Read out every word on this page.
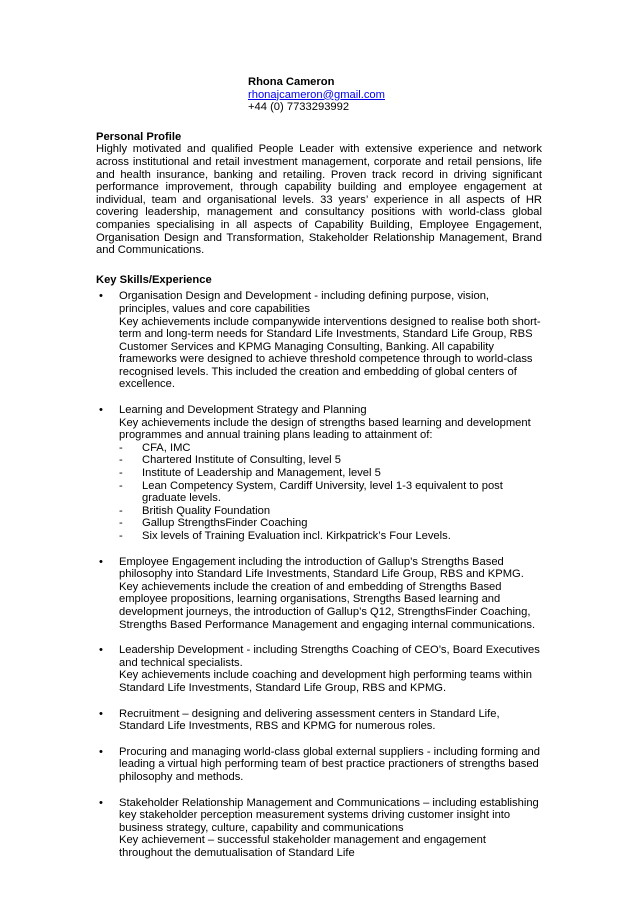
Rhona Cameron
rhonajcameron@gmail.com
+44 (0) 7733293992
Personal Profile
Highly motivated and qualified People Leader with extensive experience and network across institutional and retail investment management, corporate and retail pensions, life and health insurance, banking and retailing. Proven track record in driving significant performance improvement, through capability building and employee engagement at individual, team and organisational levels. 33 years’ experience in all aspects of HR covering leadership, management and consultancy positions with world-class global companies specialising in all aspects of Capability Building, Employee Engagement, Organisation Design and Transformation, Stakeholder Relationship Management, Brand and Communications.
Key Skills/Experience
• Organisation Design and Development - including defining purpose, vision, principles, values and core capabilities
Key achievements include companywide interventions designed to realise both short-term and long-term needs for Standard Life Investments, Standard Life Group, RBS Customer Services and KPMG Managing Consulting, Banking. All capability frameworks were designed to achieve threshold competence through to world-class recognised levels. This included the creation and embedding of global centers of excellence.
• Learning and Development Strategy and Planning
Key achievements include the design of strengths based learning and development programmes and annual training plans leading to attainment of:
- CFA, IMC
- Chartered Institute of Consulting, level 5
- Institute of Leadership and Management, level 5
- Lean Competency System, Cardiff University, level 1-3 equivalent to post graduate levels.
- British Quality Foundation
- Gallup StrengthsFinder Coaching
- Six levels of Training Evaluation incl. Kirkpatrick’s Four Levels.
• Employee Engagement including the introduction of Gallup’s Strengths Based philosophy into Standard Life Investments, Standard Life Group, RBS and KPMG.
Key achievements include the creation of and embedding of Strengths Based employee propositions, learning organisations, Strengths Based learning and development journeys, the introduction of Gallup’s Q12, StrengthsFinder Coaching, Strengths Based Performance Management and engaging internal communications.
• Leadership Development - including Strengths Coaching of CEO’s, Board Executives and technical specialists.
Key achievements include coaching and development high performing teams within Standard Life Investments, Standard Life Group, RBS and KPMG.
• Recruitment – designing and delivering assessment centers in Standard Life, Standard Life Investments, RBS and KPMG for numerous roles.
• Procuring and managing world-class global external suppliers - including forming and leading a virtual high performing team of best practice practioners of strengths based philosophy and methods.
• Stakeholder Relationship Management and Communications – including establishing key stakeholder perception measurement systems driving customer insight into business strategy, culture, capability and communications
Key achievement – successful stakeholder management and engagement throughout the demutualisation of Standard Life
